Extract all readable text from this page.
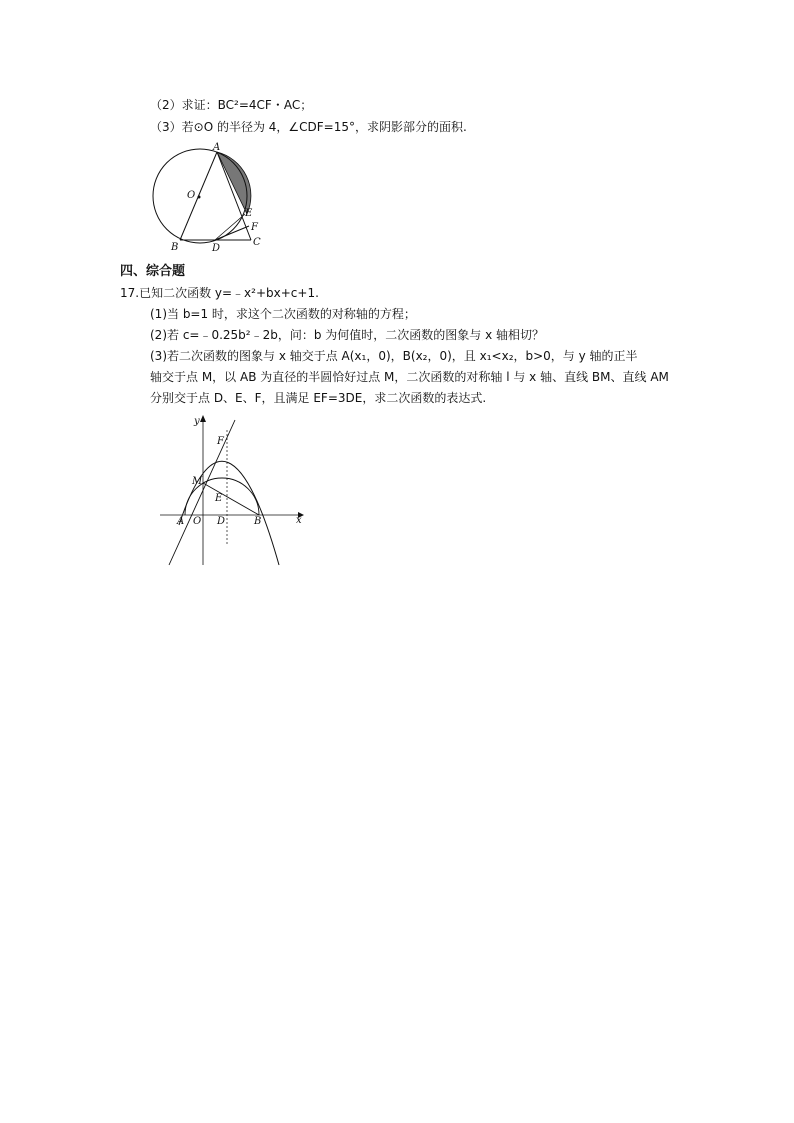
（2）求证：BC²=4CF・AC；
（3）若⊙O 的半径为 4，∠CDF=15°，求阴影部分的面积.
A
O
E
F
B	D
C
四、综合题
17.已知二次函数 y=﹣x²+bx+c+1.
(1)当 b=1 时，求这个二次函数的对称轴的方程；
(2)若 c=﹣0.25b²﹣2b，问：b 为何值时，二次函数的图象与 x 轴相切？
(3)若二次函数的图象与 x 轴交于点 A(x₁，0)，B(x₂，0)，且 x₁<x₂，b>0，与 y 轴的正半
轴交于点 M，以 AB 为直径的半圆恰好过点 M，二次函数的对称轴 l 与 x 轴、直线 BM、直线 AM
分别交于点 D、E、F，且满足 EF=3DE，求二次函数的表达式.
y
x
F
M
E
A O D	B
